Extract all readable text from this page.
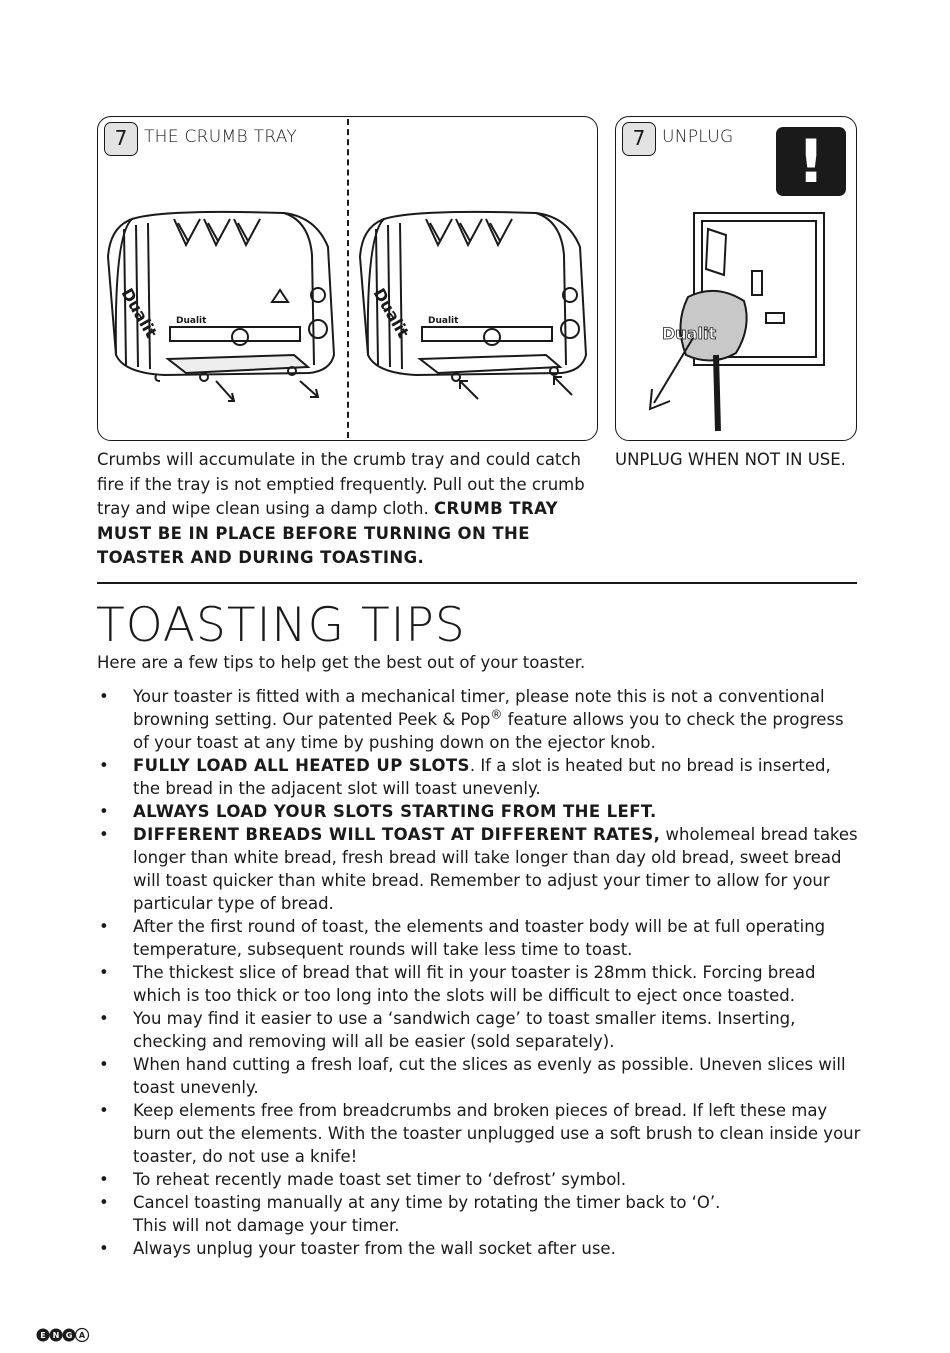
7 THE CRUMB TRAY
Dualit
Dualit	Dualit
Dualit
7 UNPLUG	!
Dualit
Crumbs will accumulate in the crumb tray and could catch fire if the tray is not emptied frequently. Pull out the crumb tray and wipe clean using a damp cloth. CRUMB TRAY MUST BE IN PLACE BEFORE TURNING ON THE TOASTER AND DURING TOASTING.
UNPLUG WHEN NOT IN USE.
TOASTING TIPS
Here are a few tips to help get the best out of your toaster.
• Your toaster is fitted with a mechanical timer, please note this is not a conventional browning setting. Our patented Peek & Pop® feature allows you to check the progress of your toast at any time by pushing down on the ejector knob.
• FULLY LOAD ALL HEATED UP SLOTS. If a slot is heated but no bread is inserted, the bread in the adjacent slot will toast unevenly.
• ALWAYS LOAD YOUR SLOTS STARTING FROM THE LEFT.
• DIFFERENT BREADS WILL TOAST AT DIFFERENT RATES, wholemeal bread takes longer than white bread, fresh bread will take longer than day old bread, sweet bread will toast quicker than white bread. Remember to adjust your timer to allow for your particular type of bread.
• After the first round of toast, the elements and toaster body will be at full operating temperature, subsequent rounds will take less time to toast.
• The thickest slice of bread that will fit in your toaster is 28mm thick. Forcing bread which is too thick or too long into the slots will be difficult to eject once toasted.
• You may find it easier to use a ‘sandwich cage’ to toast smaller items. Inserting, checking and removing will all be easier (sold separately).
• When hand cutting a fresh loaf, cut the slices as evenly as possible. Uneven slices will toast unevenly.
• Keep elements free from breadcrumbs and broken pieces of bread. If left these may burn out the elements. With the toaster unplugged use a soft brush to clean inside your toaster, do not use a knife!
• To reheat recently made toast set timer to ‘defrost’ symbol.
• Cancel toasting manually at any time by rotating the timer back to ‘O’.
This will not damage your timer.
• Always unplug your toaster from the wall socket after use.
E N G A
